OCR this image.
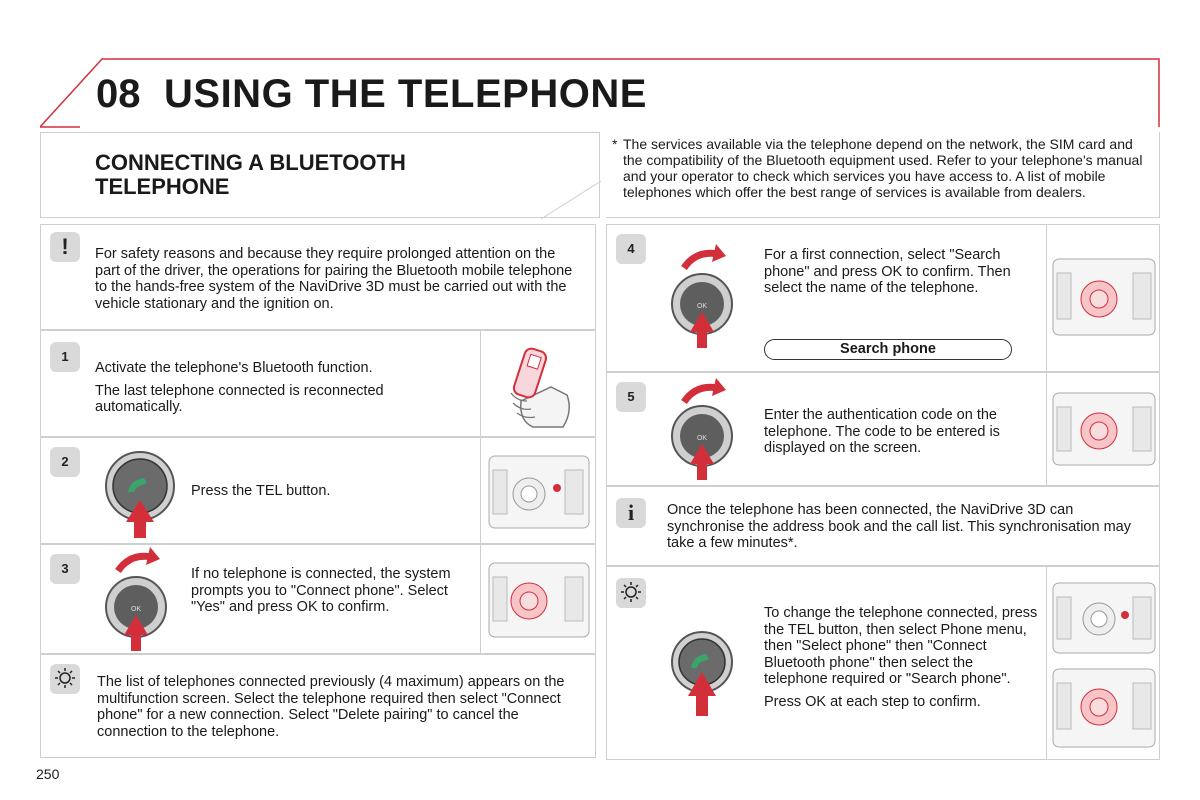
08 USING THE TELEPHONE
CONNECTING A BLUETOOTH TELEPHONE
* The services available via the telephone depend on the network, the SIM card and the compatibility of the Bluetooth equipment used. Refer to your telephone's manual and your operator to check which services you have access to. A list of mobile telephones which offer the best range of services is available from dealers.
!	For safety reasons and because they require prolonged attention on the part of the driver, the operations for pairing the Bluetooth mobile telephone to the hands-free system of the NaviDrive 3D must be carried out with the vehicle stationary and the ignition on.
1

Activate the telephone's Bluetooth function.

The last telephone connected is reconnected automatically.

2
Press the TEL button.
3
OK
If no telephone is connected, the system prompts you to "Connect phone". Select "Yes" and press OK to confirm.
The list of telephones connected previously (4 maximum) appears on the multifunction screen. Select the telephone required then select "Connect phone" for a new connection. Select "Delete pairing" to cancel the connection to the telephone.
4
OK
For a first connection, select "Search phone" and press OK to confirm. Then select the name of the telephone.
Search phone
5
OK
Enter the authentication code on the telephone. The code to be entered is displayed on the screen.
i	Once the telephone has been connected, the NaviDrive 3D can synchronise the address book and the call list. This synchronisation may take a few minutes*.

To change the telephone connected, press the TEL button, then select Phone menu, then "Select phone" then "Connect Bluetooth phone" then select the telephone required or "Search phone".

Press OK at each step to confirm.

250
